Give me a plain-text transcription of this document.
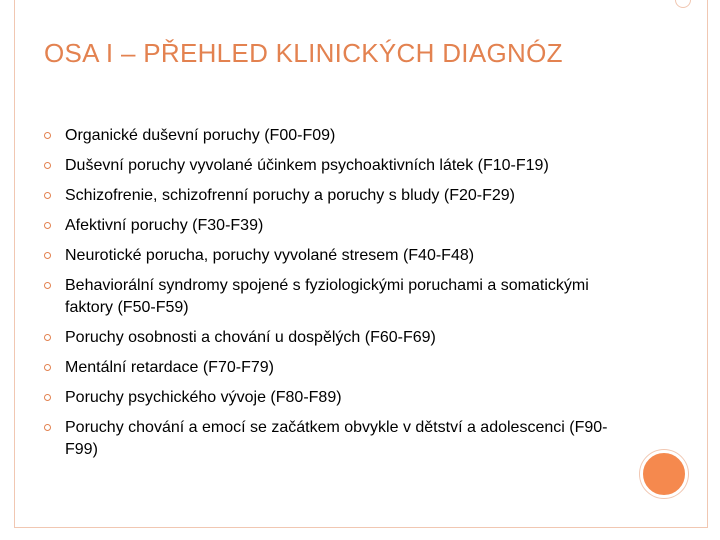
OSA I – PŘEHLED KLINICKÝCH DIAGNÓZ
Organické duševní poruchy (F00-F09)
Duševní poruchy vyvolané účinkem psychoaktivních látek (F10-F19)
Schizofrenie, schizofrenní poruchy a poruchy s bludy (F20-F29)
Afektivní poruchy (F30-F39)
Neurotické porucha, poruchy vyvolané stresem (F40-F48)
Behaviorální syndromy spojené s fyziologickými poruchami a somatickými faktory (F50-F59)
Poruchy osobnosti a chování u dospělých (F60-F69)
Mentální retardace (F70-F79)
Poruchy psychického vývoje (F80-F89)
Poruchy chování a emocí se začátkem obvykle v dětství a adolescenci (F90-F99)
